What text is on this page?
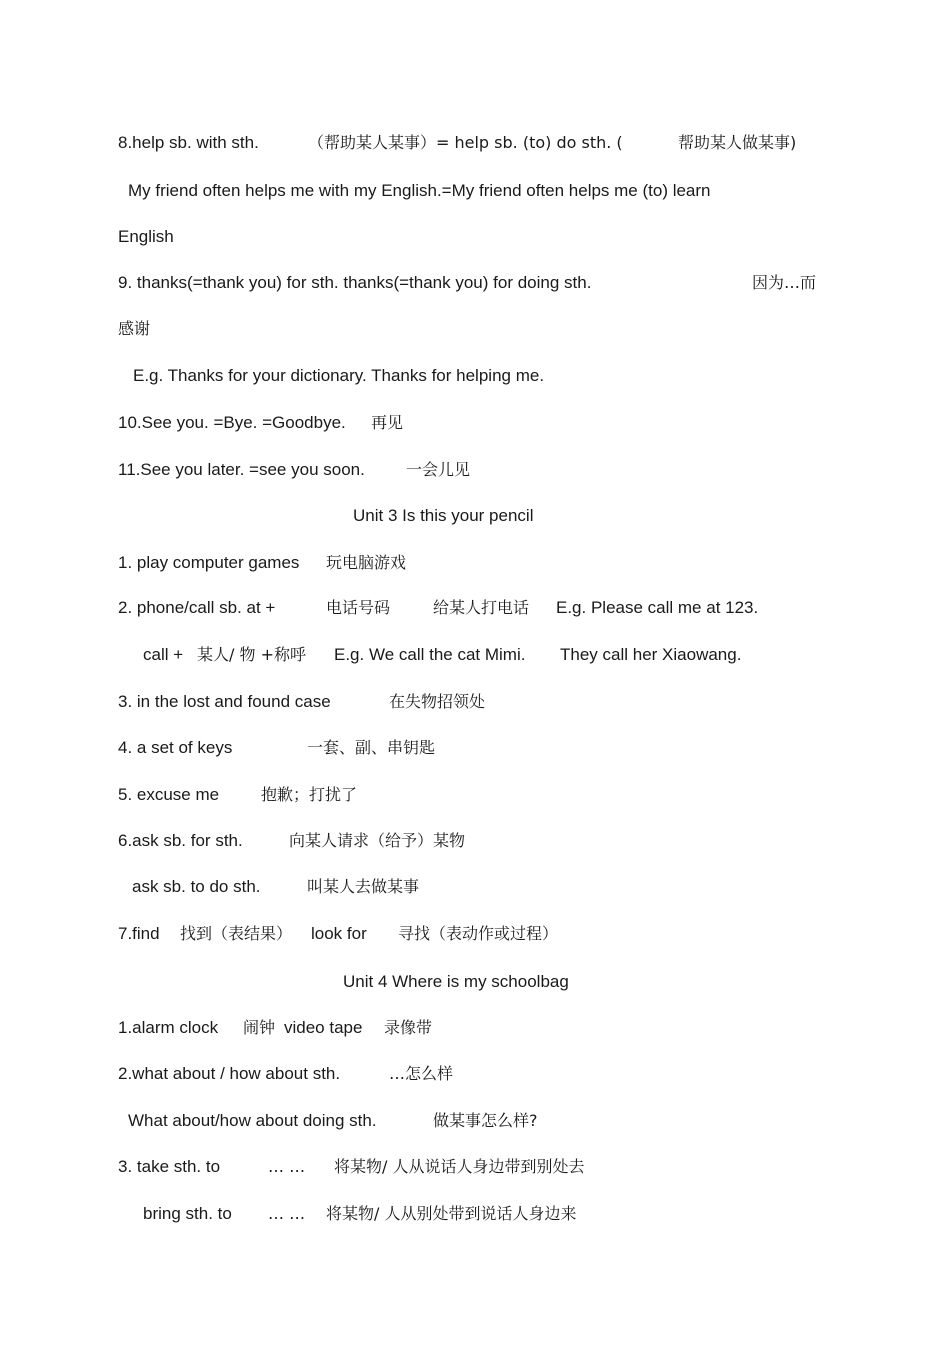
8.help sb. with sth.	（帮助某人某事）= help sb. (to) do sth. (	帮助某人做某事)
My friend often helps me with my English.=My friend often helps me (to) learn
English
9. thanks(=thank you) for sth. thanks(=thank you) for doing sth.	因为…而
感谢
E.g. Thanks for your dictionary. Thanks for helping me.
10.See you. =Bye. =Goodbye. 再见
11.See you later. =see you soon.	一会儿见
Unit 3 Is this your pencil
1. play computer games 玩电脑游戏
2. phone/call sb. at +	电话号码	给某人打电话 E.g. Please call me at 123.
call + 某人/ 物 +称呼 E.g. We call the cat Mimi. They call her Xiaowang.
3. in the lost and found case	在失物招领处
4. a set of keys	一套、副、串钥匙
5. excuse me	抱歉；打扰了
6.ask sb. for sth.	向某人请求（给予）某物
ask sb. to do sth.	叫某人去做某事
7.find 找到（表结果） look for 寻找（表动作或过程）
Unit 4 Where is my schoolbag
1.alarm clock 闹钟 video tape 录像带
2.what about / how about sth.	…怎么样
What about/how about doing sth.	做某事怎么样?
3. take sth. to	… … 将某物/ 人从说话人身边带到别处去
bring sth. to … … 将某物/ 人从别处带到说话人身边来
